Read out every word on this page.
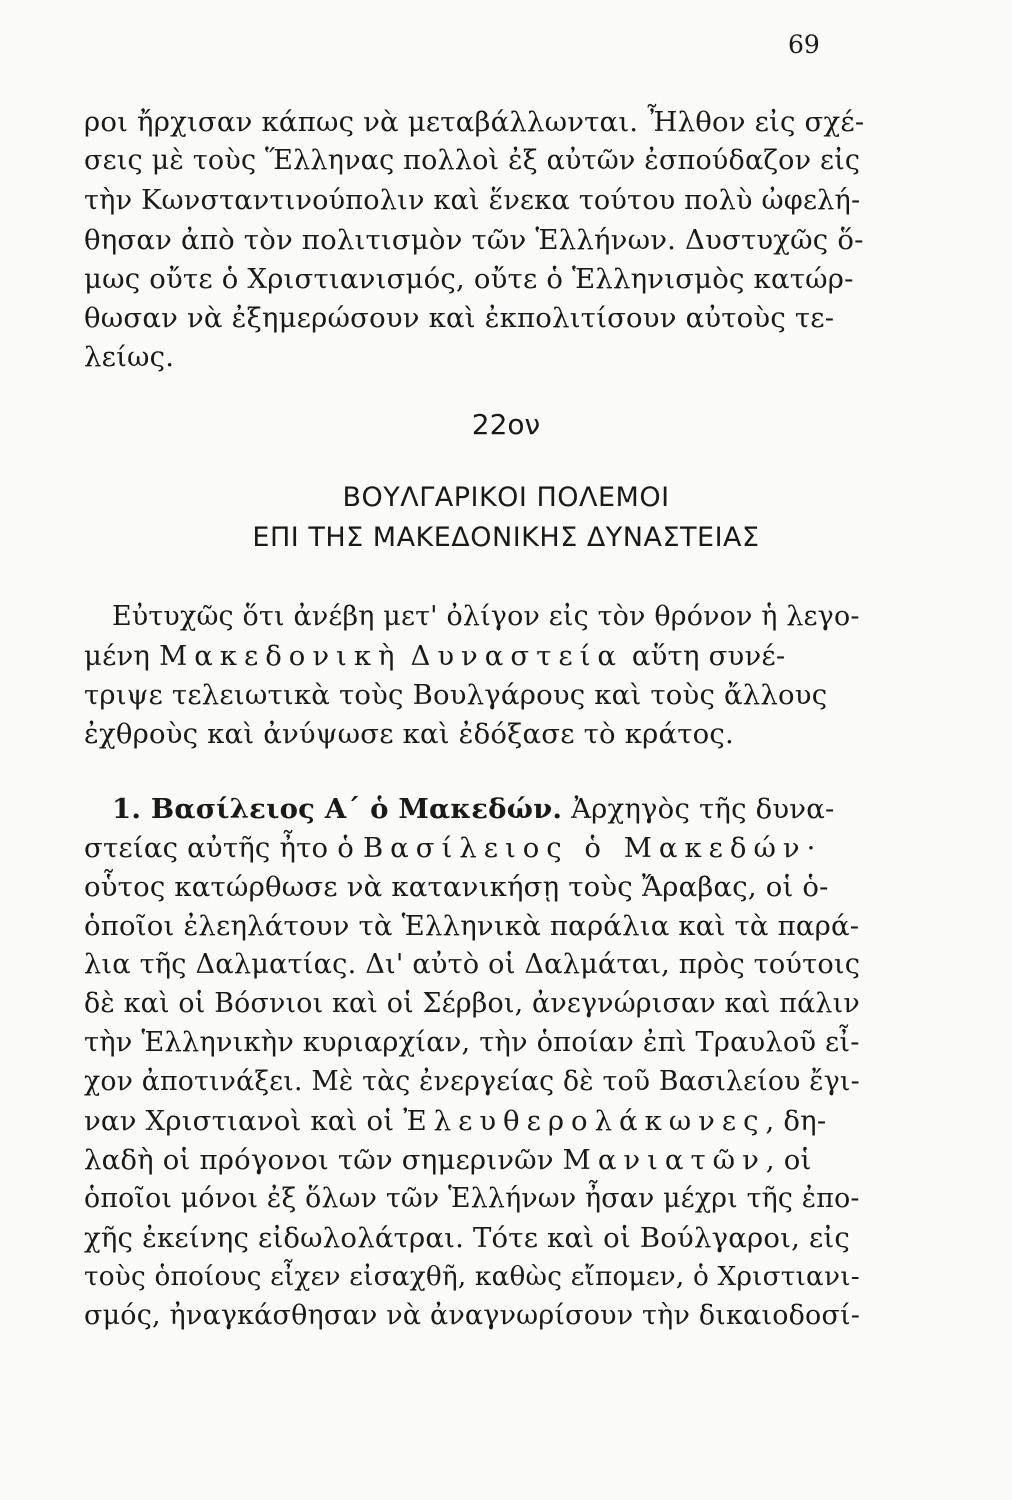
69
ροι ἤρχισαν κάπως νὰ μεταβάλλωνται. Ἦλθον εἰς σχέ-
σεις μὲ τοὺς Ἕλληνας πολλοὶ ἐξ αὐτῶν ἐσπούδαζον εἰς
τὴν Κωνσταντινούπολιν καὶ ἕνεκα τούτου πολὺ ὠφελή-
θησαν ἀπὸ τὸν πολιτισμὸν τῶν Ἑλλήνων. Δυστυχῶς ὅ-
μως οὔτε ὁ Χριστιανισμός, οὔτε ὁ Ἑλληνισμὸς κατώρ-
θωσαν νὰ ἐξημερώσουν καὶ ἐκπολιτίσουν αὐτοὺς τε-
λείως.
22ον
ΒΟΥΛΓΑΡΙΚΟΙ ΠΟΛΕΜΟΙ
ΕΠΙ ΤΗΣ ΜΑΚΕΔΟΝΙΚΗΣ ΔΥΝΑΣΤΕΙΑΣ
Εὐτυχῶς ὅτι ἀνέβη μετ' ὀλίγον εἰς τὸν θρόνον ἡ λεγο-
μένη Μακεδονικὴ Δυναστεία αὕτη συνέ-
τριψε τελειωτικὰ τοὺς Βουλγάρους καὶ τοὺς ἄλλους
ἐχθροὺς καὶ ἀνύψωσε καὶ ἐδόξασε τὸ κράτος.
1. Βασίλειος Α΄ ὁ Μακεδών. Ἀρχηγὸς τῆς δυνα-
στείας αὐτῆς ἦτο ὁ Βασίλειος ὁ Μακεδών·
οὗτος κατώρθωσε νὰ κατανικήσῃ τοὺς Ἄραβας, οἱ ὁ-
ὁποῖοι ἐλεηλάτουν τὰ Ἑλληνικὰ παράλια καὶ τὰ παρά-
λια τῆς Δαλματίας. Δι' αὐτὸ οἱ Δαλμάται, πρὸς τούτοις
δὲ καὶ οἱ Βόσνιοι καὶ οἱ Σέρβοι, ἀνεγνώρισαν καὶ πάλιν
τὴν Ἑλληνικὴν κυριαρχίαν, τὴν ὁποίαν ἐπὶ Τραυλοῦ εἶ-
χον ἀποτινάξει. Μὲ τὰς ἐνεργείας δὲ τοῦ Βασιλείου ἔγι-
ναν Χριστιανοὶ καὶ οἱ Ἐλευθερολάκωνες, δη-
λαδὴ οἱ πρόγονοι τῶν σημερινῶν Μανιατῶν, οἱ
ὁποῖοι μόνοι ἐξ ὅλων τῶν Ἑλλήνων ἦσαν μέχρι τῆς ἐπο-
χῆς ἐκείνης εἰδωλολάτραι. Τότε καὶ οἱ Βούλγαροι, εἰς
τοὺς ὁποίους εἶχεν εἰσαχθῆ, καθὼς εἴπομεν, ὁ Χριστιανι-
σμός, ἠναγκάσθησαν νὰ ἀναγνωρίσουν τὴν δικαιοδοσί-
